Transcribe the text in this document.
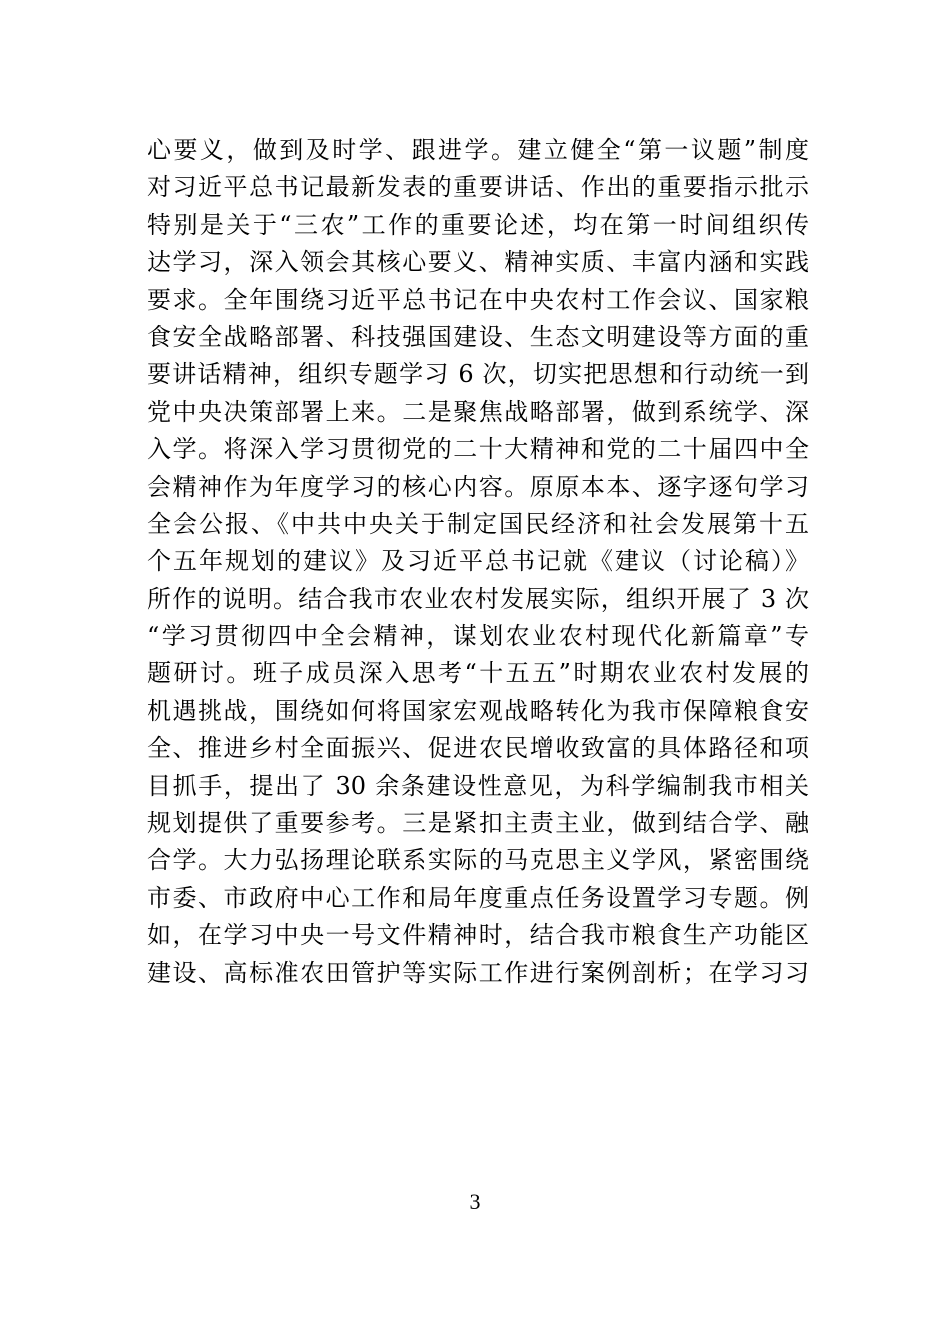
心要义，做到及时学、跟进学。建立健全“第一议题”制度
对习近平总书记最新发表的重要讲话、作出的重要指示批示
特别是关于“三农”工作的重要论述，均在第一时间组织传
达学习，深入领会其核心要义、精神实质、丰富内涵和实践
要求。全年围绕习近平总书记在中央农村工作会议、国家粮
食安全战略部署、科技强国建设、生态文明建设等方面的重
要讲话精神，组织专题学习 6 次，切实把思想和行动统一到
党中央决策部署上来。二是聚焦战略部署，做到系统学、深
入学。将深入学习贯彻党的二十大精神和党的二十届四中全
会精神作为年度学习的核心内容。原原本本、逐字逐句学习
全会公报、《中共中央关于制定国民经济和社会发展第十五
个五年规划的建议》及习近平总书记就《建议（讨论稿）》
所作的说明。结合我市农业农村发展实际，组织开展了 3 次
“学习贯彻四中全会精神，谋划农业农村现代化新篇章”专
题研讨。班子成员深入思考“十五五”时期农业农村发展的
机遇挑战，围绕如何将国家宏观战略转化为我市保障粮食安
全、推进乡村全面振兴、促进农民增收致富的具体路径和项
目抓手，提出了 30 余条建设性意见，为科学编制我市相关
规划提供了重要参考。三是紧扣主责主业，做到结合学、融
合学。大力弘扬理论联系实际的马克思主义学风，紧密围绕
市委、市政府中心工作和局年度重点任务设置学习专题。例
如，在学习中央一号文件精神时，结合我市粮食生产功能区
建设、高标准农田管护等实际工作进行案例剖析；在学习习
3
